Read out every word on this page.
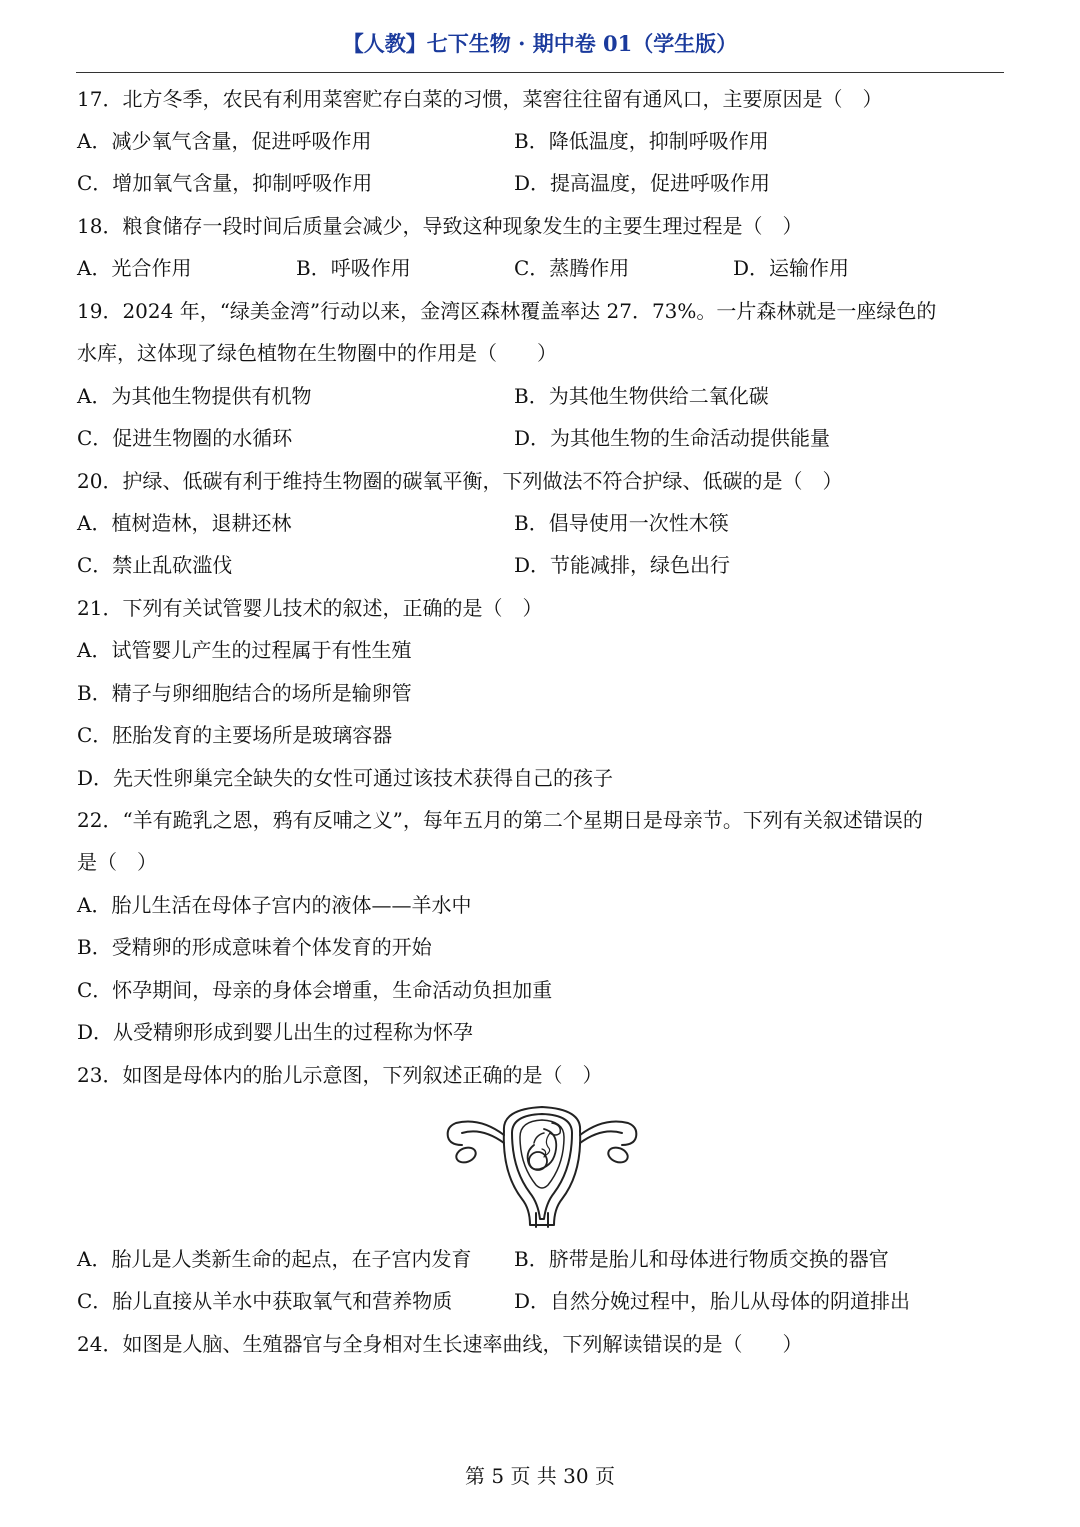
【人教】七下生物 · 期中卷 01（学生版）
17．北方冬季，农民有利用菜窖贮存白菜的习惯，菜窖往往留有通风口，主要原因是（　）
A．减少氧气含量，促进呼吸作用	B．降低温度，抑制呼吸作用
C．增加氧气含量，抑制呼吸作用	D．提高温度，促进呼吸作用
18．粮食储存一段时间后质量会减少，导致这种现象发生的主要生理过程是（　）
A．光合作用	B．呼吸作用	C．蒸腾作用	D．运输作用
19．2024 年，“绿美金湾”行动以来，金湾区森林覆盖率达 27．73%。一片森林就是一座绿色的
水库，这体现了绿色植物在生物圈中的作用是（　　）
A．为其他生物提供有机物	B．为其他生物供给二氧化碳
C．促进生物圈的水循环	D．为其他生物的生命活动提供能量
20．护绿、低碳有利于维持生物圈的碳氧平衡，下列做法不符合护绿、低碳的是（　）
A．植树造林，退耕还林	B．倡导使用一次性木筷
C．禁止乱砍滥伐	D．节能减排，绿色出行
21．下列有关试管婴儿技术的叙述，正确的是（　）
A．试管婴儿产生的过程属于有性生殖
B．精子与卵细胞结合的场所是输卵管
C．胚胎发育的主要场所是玻璃容器
D．先天性卵巢完全缺失的女性可通过该技术获得自己的孩子
22．“羊有跪乳之恩，鸦有反哺之义”，每年五月的第二个星期日是母亲节。下列有关叙述错误的
是（　）
A．胎儿生活在母体子宫内的液体——羊水中
B．受精卵的形成意味着个体发育的开始
C．怀孕期间，母亲的身体会增重，生命活动负担加重
D．从受精卵形成到婴儿出生的过程称为怀孕
23．如图是母体内的胎儿示意图，下列叙述正确的是（　）
A．胎儿是人类新生命的起点，在子宫内发育 B．脐带是胎儿和母体进行物质交换的器官
C．胎儿直接从羊水中获取氧气和营养物质	D．自然分娩过程中，胎儿从母体的阴道排出
24．如图是人脑、生殖器官与全身相对生长速率曲线，下列解读错误的是（　　）
第 5 页 共 30 页
